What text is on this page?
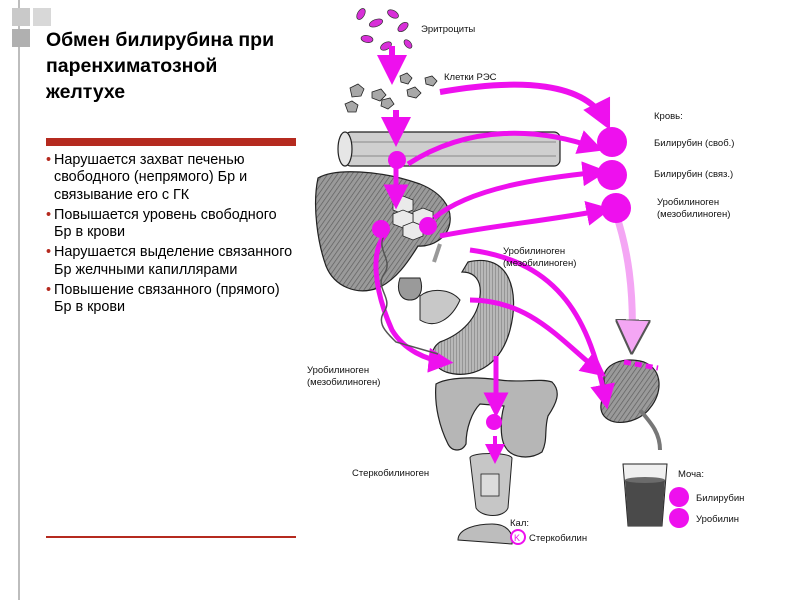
Обмен билирубина при паренхиматозной желтухе
• Нарушается захват печенью свободного (непрямого) Бр и связывание его с ГК
• Повышается уровень свободного Бр в крови
• Нарушается выделение связанного Бр желчными капиллярами
• Повышение связанного (прямого) Бр в крови
Эритроциты
Клетки РЭС
K
Кровь:
Билирубин (своб.)
Билирубин (связ.)
Уробилиноген
(мезобилиноген)
Уробилиноген
(мезобилиноген)
Уробилиноген
(мезобилиноген)
Стеркобилиноген	Моча:
Билирубин
Уробилин
Кал:
Стеркобилин
